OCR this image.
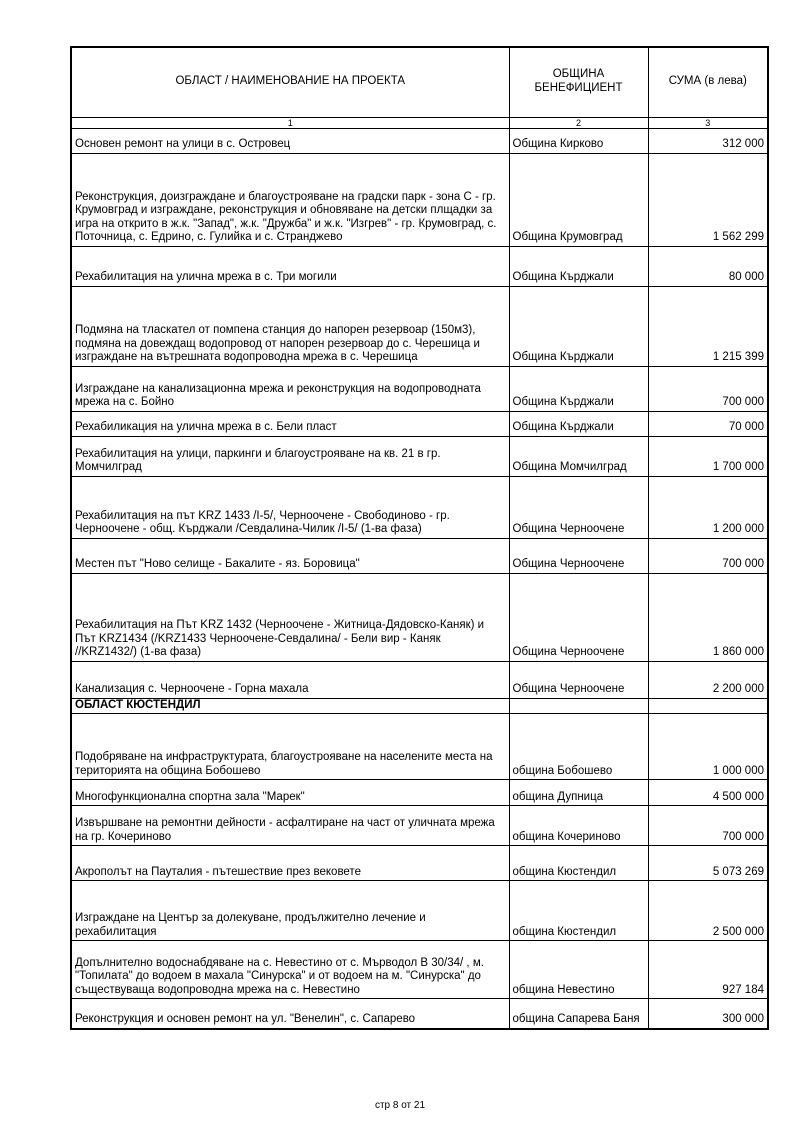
ОБЛАСТ / НАИМЕНОВАНИЕ НА ПРОЕКТА	ОБЩИНА БЕНЕФИЦИЕНТ	СУМА (в лева)
1	2	3
Основен ремонт на улици в с. Островец	Община Кирково	312 000
Реконструкция, доизграждане и благоустрояване на градски парк - зона С - гр. Крумовград и изграждане, реконструкция и обновяване на детски плщадки за игра на открито в ж.к. "Запад", ж.к. "Дружба" и ж.к. "Изгрев" - гр. Крумовград, с. Поточница, с. Едрино, с. Гулийка и с. Странджево	Община Крумовград	1 562 299
Рехабилитация на улична мрежа в с. Три могили	Община Кърджали	80 000
Подмяна на тласкател от помпена станция до напорен резервоар (150м3), подмяна на довеждащ водопровод от напорен резервоар до с. Черешица и изграждане на вътрешната водопроводна мрежа в с. Черешица	Община Кърджали	1 215 399
Изграждане на канализационна мрежа и реконструкция на водопроводната мрежа на с. Бойно	Община Кърджали	700 000
Рехабиликация на улична мрежа в с. Бели пласт	Община Кърджали	70 000
Рехабилитация на улици, паркинги и благоустрояване на кв. 21 в гр. Момчилград	Община Момчилград	1 700 000
Рехабилитация на път KRZ 1433 /I-5/, Черноочене - Свободиново - гр. Черноочене - общ. Кърджали /Севдалина-Чилик /I-5/ (1-ва фаза)	Община Черноочене	1 200 000
Местен път "Ново селище - Бакалите - яз. Боровица"	Община Черноочене	700 000
Рехабилитация на Път KRZ 1432 (Черноочене - Житница-Дядовско-Каняк) и Път KRZ1434 (/KRZ1433 Черноочене-Севдалина/ - Бели вир - Каняк //KRZ1432/) (1-ва фаза)	Община Черноочене	1 860 000
Канализация с. Черноочене - Горна махала	Община Черноочене	2 200 000
ОБЛАСТ КЮСТЕНДИЛ		
Подобряване на инфраструктурата, благоустрояване на населените места на територията на община Бобошево	община Бобошево	1 000 000
Многофункционална спортна зала "Марек"	община Дупница	4 500 000
Извършване на ремонтни дейности - асфалтиране на част от уличната мрежа на гр. Кочериново	община Кочериново	700 000
Акрополът на Пауталия - пътешествие през вековете	община Кюстендил	5 073 269
Изграждане на Център за долекуване, продължително лечение и рехабилитация	община Кюстендил	2 500 000
Допълнително водоснабдяване на с. Невестино от с. Мърводол В 30/34/ , м. "Топилата" до водоем в махала "Синурска" и от водоем на м. "Синурска" до съществуваща водопроводна мрежа на с. Невестино	община Невестино	927 184
Реконструкция и основен ремонт на ул. "Венелин", с. Сапарево	община Сапарева Баня	300 000
стр 8 от 21
